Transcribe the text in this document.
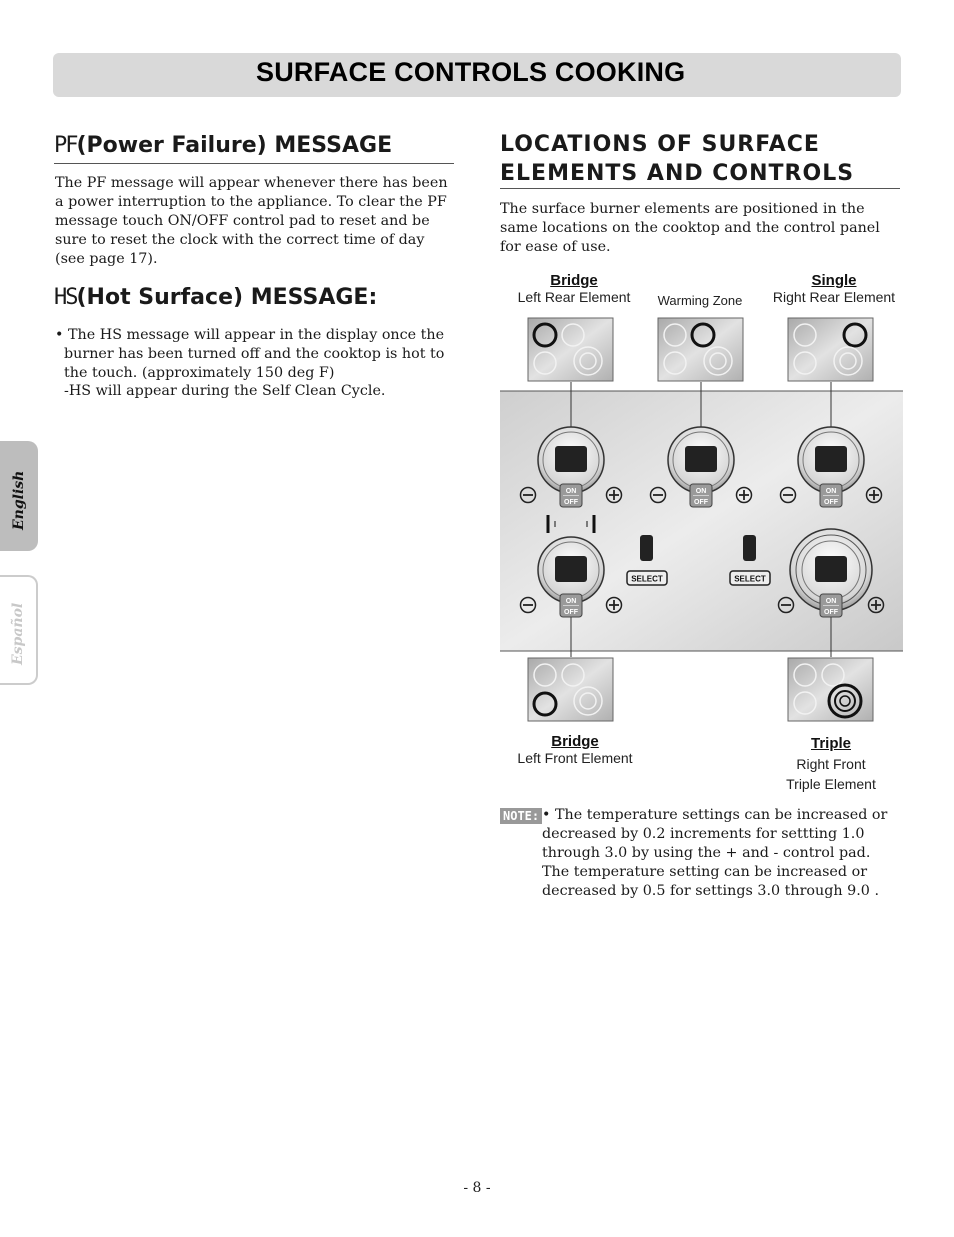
SURFACE CONTROLS COOKING
English
Español
PF(Power Failure) MESSAGE

The PF message will appear whenever there has been a power interruption to the appliance. To clear the PF message touch ON/OFF control pad to reset and be sure to reset the clock with the correct time of day (see page 17).

HS(Hot Surface) MESSAGE:
• The HS message will appear in the display once the burner has been turned off and the cooktop is hot to the touch. (approximately 150 deg F)
-HS will appear during the Self Clean Cycle.
LOCATIONS OF SURFACE
ELEMENTS AND CONTROLS

The surface burner elements are positioned in the same locations on the cooktop and the control panel for ease of use.

Bridge
Left Rear Element	Warming Zone
Single
Right Rear Element
Bridge
Left Front Element
Triple
Right Front
Triple Element
ON
OFF
ON
OFF
ON
OFF
ON
OFF
SELECT	SELECT
ON
OFF
NOTE: • The temperature settings can be increased or decreased by 0.2 increments for settting 1.0 through 3.0 by using the + and - control pad. The temperature setting can be increased or decreased by 0.5 for settings 3.0 through 9.0 .
- 8 -
